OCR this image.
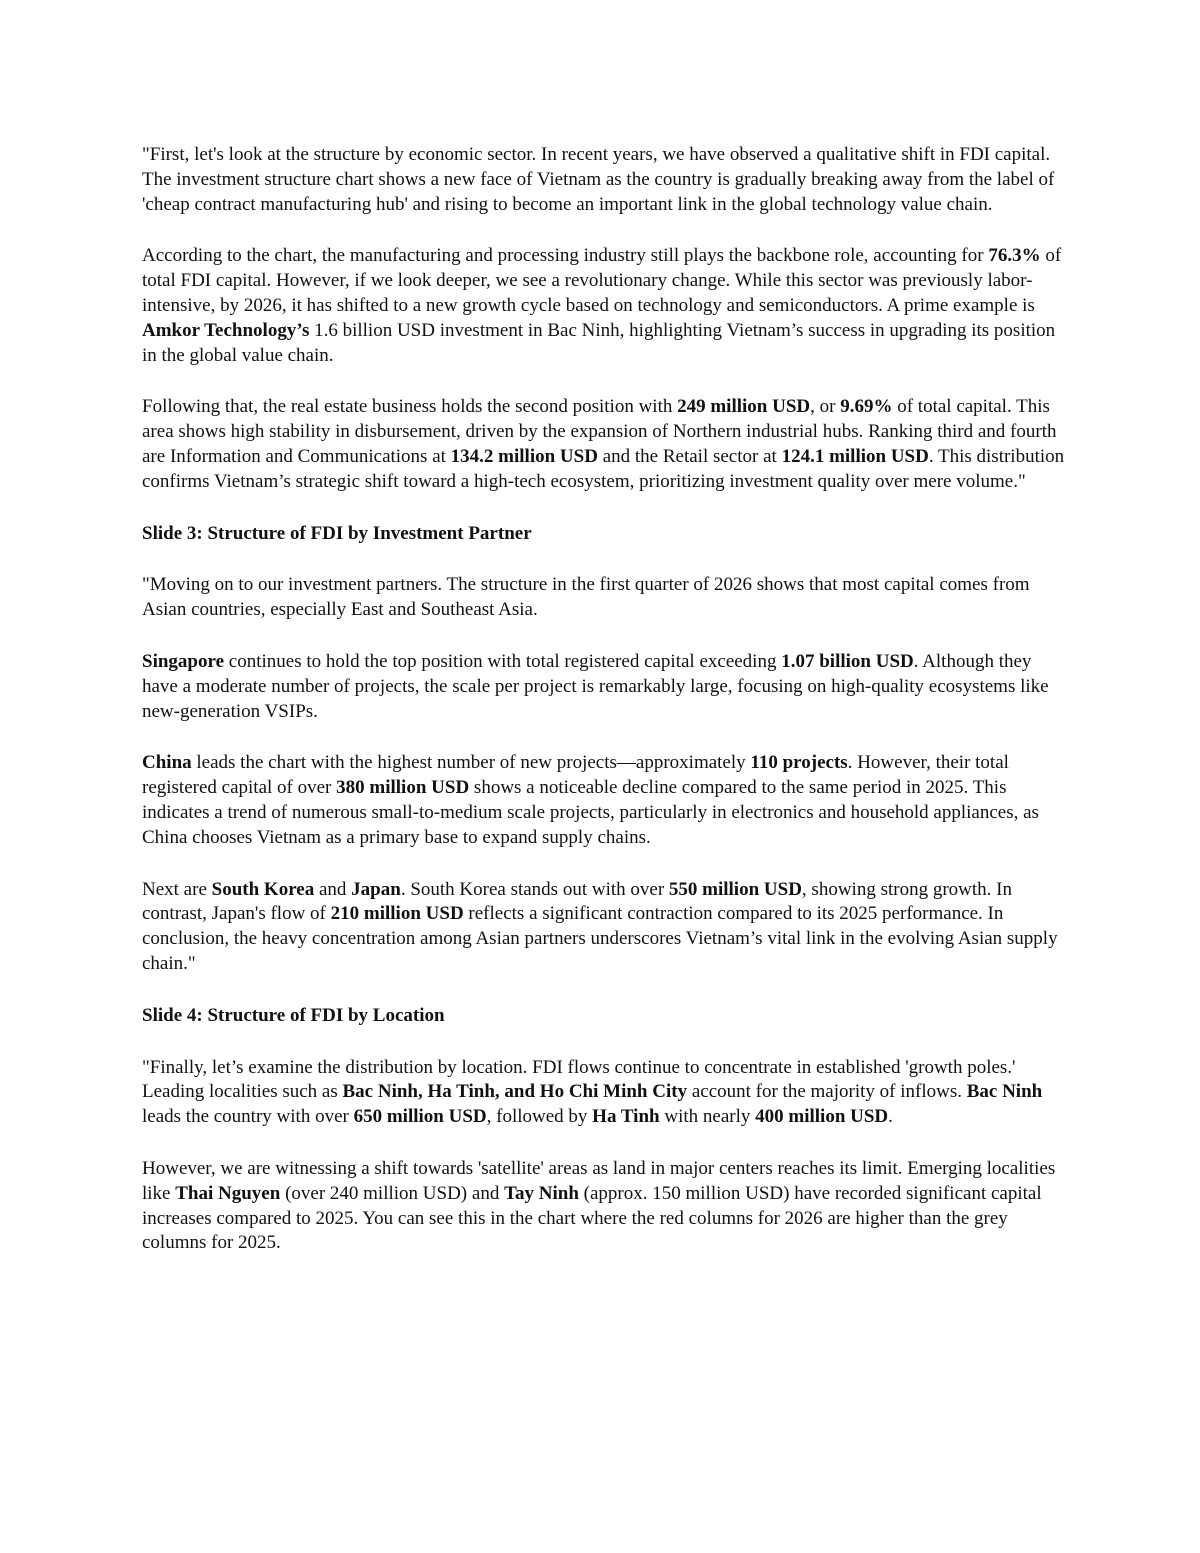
"First, let's look at the structure by economic sector. In recent years, we have observed a qualitative shift in FDI capital. The investment structure chart shows a new face of Vietnam as the country is gradually breaking away from the label of 'cheap contract manufacturing hub' and rising to become an important link in the global technology value chain.

According to the chart, the manufacturing and processing industry still plays the backbone role, accounting for 76.3% of total FDI capital. However, if we look deeper, we see a revolutionary change. While this sector was previously labor-intensive, by 2026, it has shifted to a new growth cycle based on technology and semiconductors. A prime example is Amkor Technology’s 1.6 billion USD investment in Bac Ninh, highlighting Vietnam’s success in upgrading its position in the global value chain.

Following that, the real estate business holds the second position with 249 million USD, or 9.69% of total capital. This area shows high stability in disbursement, driven by the expansion of Northern industrial hubs. Ranking third and fourth are Information and Communications at 134.2 million USD and the Retail sector at 124.1 million USD. This distribution confirms Vietnam’s strategic shift toward a high-tech ecosystem, prioritizing investment quality over mere volume."

Slide 3: Structure of FDI by Investment Partner

"Moving on to our investment partners. The structure in the first quarter of 2026 shows that most capital comes from Asian countries, especially East and Southeast Asia.

Singapore continues to hold the top position with total registered capital exceeding 1.07 billion USD. Although they have a moderate number of projects, the scale per project is remarkably large, focusing on high-quality ecosystems like new-generation VSIPs.

China leads the chart with the highest number of new projects—approximately 110 projects. However, their total registered capital of over 380 million USD shows a noticeable decline compared to the same period in 2025. This indicates a trend of numerous small-to-medium scale projects, particularly in electronics and household appliances, as China chooses Vietnam as a primary base to expand supply chains.

Next are South Korea and Japan. South Korea stands out with over 550 million USD, showing strong growth. In contrast, Japan's flow of 210 million USD reflects a significant contraction compared to its 2025 performance. In conclusion, the heavy concentration among Asian partners underscores Vietnam’s vital link in the evolving Asian supply chain."

Slide 4: Structure of FDI by Location

"Finally, let’s examine the distribution by location. FDI flows continue to concentrate in established 'growth poles.' Leading localities such as Bac Ninh, Ha Tinh, and Ho Chi Minh City account for the majority of inflows. Bac Ninh leads the country with over 650 million USD, followed by Ha Tinh with nearly 400 million USD.

However, we are witnessing a shift towards 'satellite' areas as land in major centers reaches its limit. Emerging localities like Thai Nguyen (over 240 million USD) and Tay Ninh (approx. 150 million USD) have recorded significant capital increases compared to 2025. You can see this in the chart where the red columns for 2026 are higher than the grey columns for 2025.
